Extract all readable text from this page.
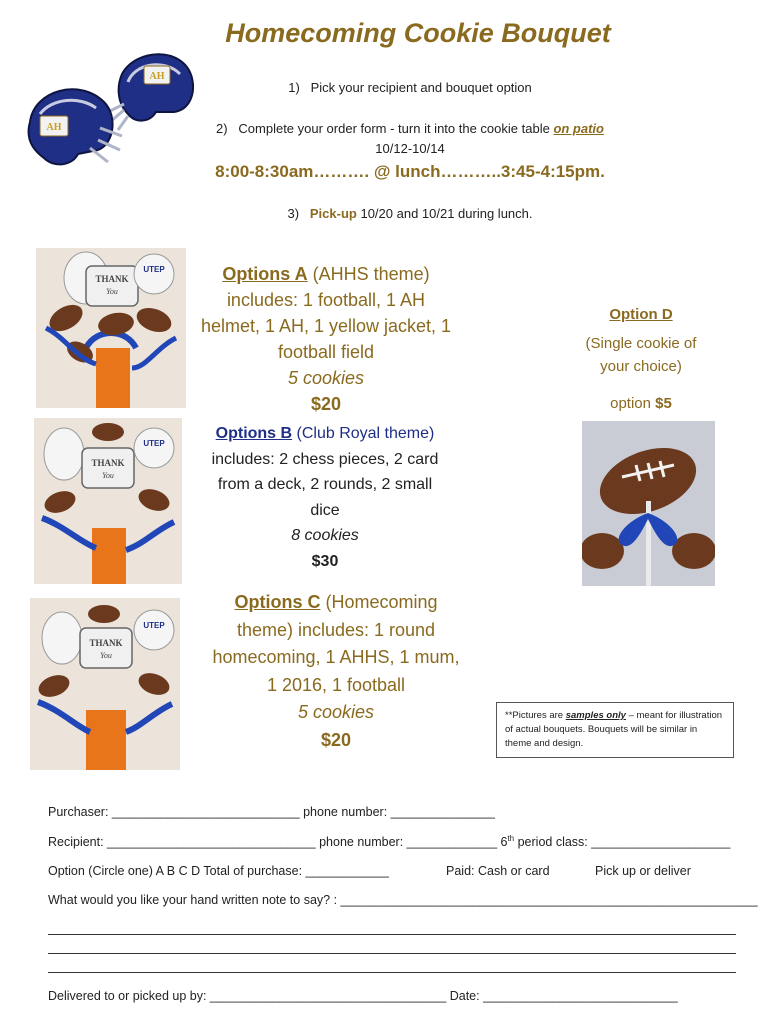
AH
AH
Homecoming Cookie Bouquet
1)   Pick your recipient and bouquet option
2)   Complete your order form - turn it into the cookie table on patio
10/12-10/14
8:00-8:30am………. @ lunch………..3:45-4:15pm.
3)   Pick-up 10/20 and 10/21 during lunch.
THANK
You
UTEP
THANK
You
UTEP
THANK
You
UTEP
Options A (AHHS theme)
includes: 1 football, 1 AH
helmet, 1 AH, 1 yellow jacket, 1
football field
5 cookies
$20
Options B (Club Royal theme)
includes: 2 chess pieces, 2 card
from a deck, 2 rounds, 2 small
dice
8 cookies
$30
Options C (Homecoming
theme) includes: 1 round
homecoming, 1 AHHS, 1 mum,
1 2016, 1 football
5 cookies
$20
Option D
(Single cookie of
your choice)
option $5
**Pictures are samples only – meant for illustration of actual bouquets. Bouquets will be similar in theme and design.
Purchaser: ___________________________ phone number: _______________
Recipient: ______________________________ phone number: _____________ 6th period class: ____________________
Option (Circle one) A B C D Total of purchase: ____________	Paid: Cash or card	Pick up or deliver
What would you like your hand written note to say? : ____________________________________________________________
Delivered to or picked up by: __________________________________ Date: ____________________________
